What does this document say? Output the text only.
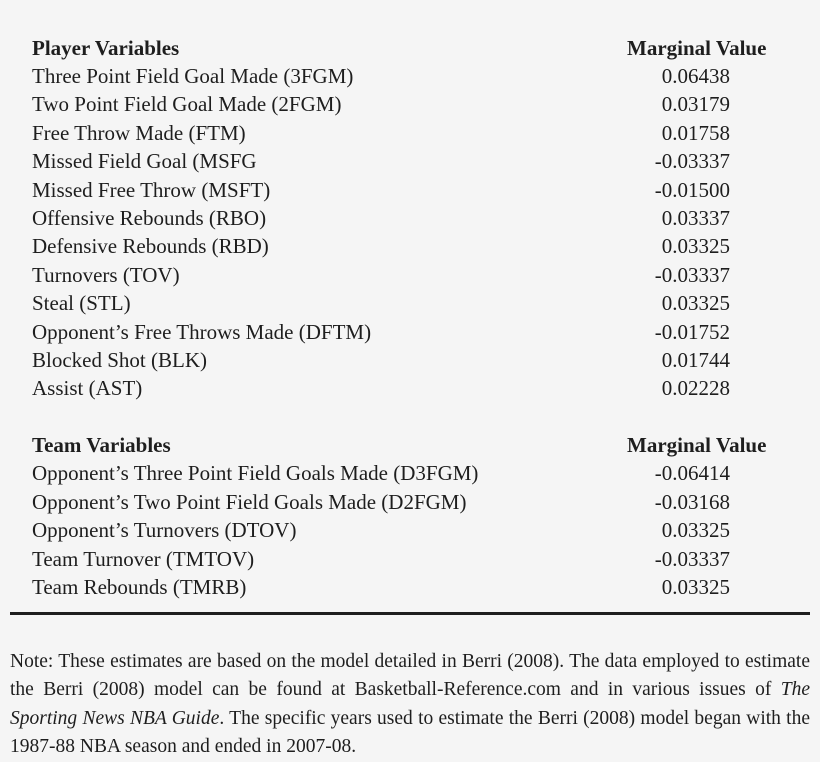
Player Variables	Marginal Value
Three Point Field Goal Made (3FGM)	0.06438
Two Point Field Goal Made (2FGM)	0.03179
Free Throw Made (FTM)	0.01758
Missed Field Goal (MSFG	-0.03337
Missed Free Throw (MSFT)	-0.01500
Offensive Rebounds (RBO)	0.03337
Defensive Rebounds (RBD)	0.03325
Turnovers (TOV)	-0.03337
Steal (STL)	0.03325
Opponent’s Free Throws Made (DFTM)	-0.01752
Blocked Shot (BLK)	0.01744
Assist (AST)	0.02228
Team Variables	Marginal Value
Opponent’s Three Point Field Goals Made (D3FGM)	-0.06414
Opponent’s Two Point Field Goals Made (D2FGM)	-0.03168
Opponent’s Turnovers (DTOV)	0.03325
Team Turnover (TMTOV)	-0.03337
Team Rebounds (TMRB)	0.03325

Note: These estimates are based on the model detailed in Berri (2008). The data employed to estimate the Berri (2008) model can be found at Basketball-Reference.com and in various issues of The Sporting News NBA Guide. The specific years used to estimate the Berri (2008) model began with the 1987-88 NBA season and ended in 2007-08.
